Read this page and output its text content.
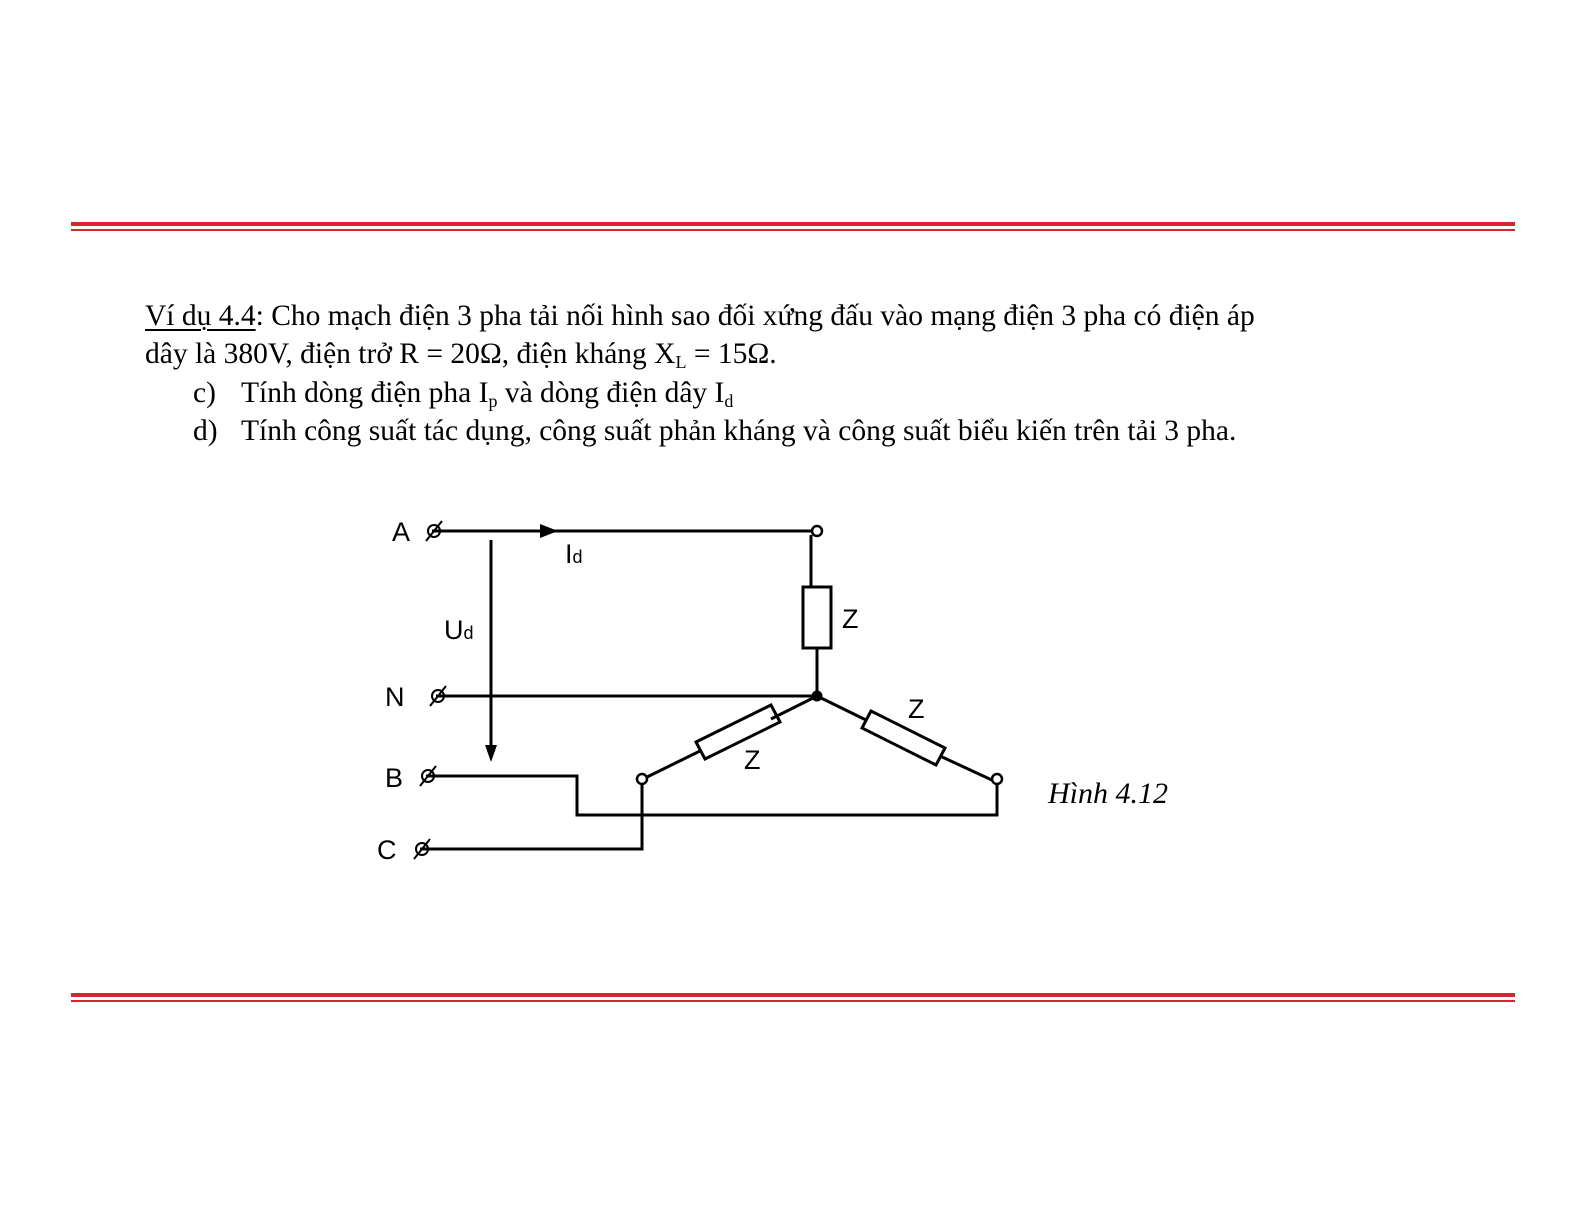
Ví dụ 4.4: Cho mạch điện 3 pha tải nối hình sao đối xứng đấu vào mạng điện 3 pha có điện áp
dây là 380V, điện trở R = 20Ω, điện kháng $X_L = 15\Omega$.
c) Tính dòng điện pha $I_p$ và dòng điện dây $I_d$
d) Tính công suất tác dụng, công suất phản kháng và công suất biểu kiến trên tải 3 pha.
A
N
B
C
Id
Ud	Z
Z
Z
Hình 4.12
